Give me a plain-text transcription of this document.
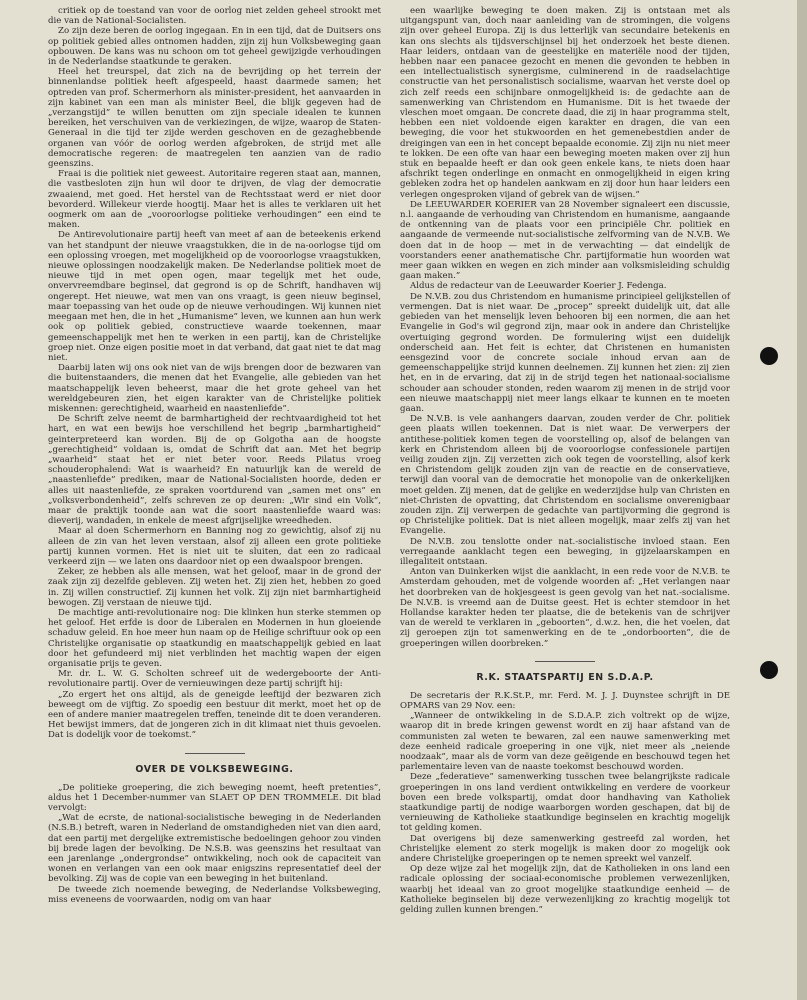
critiek op de toestand van voor de oorlog niet zelden geheel strookt met die van de National-Socialisten.

Zo zijn deze beren de oorlog ingegaan. En in een tijd, dat de Duitsers ons op politiek gebied alles ontnomen hadden, zijn zij hun Volksbeweging gaan opbouwen. De kans was nu schoon om tot geheel gewijzigde verhoudingen in de Nederlandse staatkunde te geraken.

Heel het treurspel, dat zich na de bevrijding op het terrein der binnenlandse politiek heeft afgespeeld, haast daarmede samen; het optreden van prof. Schermerhorn als minister-president, het aanvaarden in zijn kabinet van een man als minister Beel, die blijk gegeven had de „verzangstijd” te willen benutten om zijn speciale idealen te kunnen bereiken, het verschuiven van de verkiezingen, de wijze, waarop de Staten-Generaal in die tijd ter zijde werden geschoven en de gezaghebbende organen van vóór de oorlog werden afgebroken, de strijd met alle democratische regeren: de maatregelen ten aanzien van de radio geenszins.

Fraai is die politiek niet geweest. Autoritaire regeren staat aan, mannen, die vastbesloten zijn hun wil door te drijven, de vlag der democratie zwaaiend, met goed. Het herstel van de Rechtsstaat werd er niet door bevorderd. Willekeur vierde hoogtij. Maar het is alles te verklaren uit het oogmerk om aan de „vooroorlogse politieke verhoudingen” een eind te maken.

De Antirevolutionaire partij heeft van meet af aan de beteekenis erkend van het standpunt der nieuwe vraagstukken, die in de na-oorlogse tijd om een oplossing vroegen, met mogelijkheid op de vooroorlogse vraagstukken, nieuwe oplossingen noodzakelijk maken. De Nederlandse politiek moet de nieuwe tijd in met open ogen, maar tegelijk met het oude, onvervreemdbare beginsel, dat gegrond is op de Schrift, handhaven wij ongerept. Het nieuwe, wat men van ons vraagt, is geen nieuw beginsel, maar toepassing van het oude op de nieuwe verhoudingen. Wij kunnen niet meegaan met hen, die in het „Humanisme” leven, we kunnen aan hun werk ook op politiek gebied, constructieve waarde toekennen, maar gemeenschappelijk met hen te werken in een partij, kan de Christelijke groep niet. Onze eigen positie moet in dat verband, dat gaat niet te dat mag niet.

Daarbij laten wij ons ook niet van de wijs brengen door de bezwaren van die buitenstaanders, die menen dat het Evangelie, alle gebieden van het maatschappelijk leven beheerst, maar die het grote geheel van het wereldgebeuren zien, het eigen karakter van de Christelijke politiek miskennen: gerechtigheid, waarheid en naastenliefde”.

De Schrift zelve neemt de barmhartigheid der rechtvaardigheid tot het hart, en wat een bewijs hoe verschillend het begrip „barmhartigheid” geinterpreteerd kan worden. Bij de op Golgotha aan de hoogste „gerechtigheid” voldaan is, omdat de Schrift dat aan. Met het begrip „waarheid” staat het er niet beter voor. Reeds Pilatus vroeg schouderophalend: Wat is waarheid? En natuurlijk kan de wereld de „naastenliefde” prediken, maar de National-Socialisten hoorde, deden er alles uit naastenliefde, ze spraken voortdurend van „samen met ons” en „volksverbondenheid”, zelfs schreven ze op deuren: „Wir sind ein Volk”, maar de praktijk toonde aan wat die soort naastenliefde waard was: dieverij, wandaden, in enkele de meest afgrijselijke wreedheden.

Maar al doen Schermerhorn en Banning nog zo gewichtig, alsof zij nu alleen de zin van het leven verstaan, alsof zij alleen een grote politieke partij kunnen vormen. Het is niet uit te sluiten, dat een zo radicaal verkeerd zijn — we laten ons daardoor niet op een dwaalspoor brengen.

Zeker, ze hebben als alle mensen, wat het geloof, maar in de grond der zaak zijn zij dezelfde gebleven. Zij weten het. Zij zien het, hebben zo goed in. Zij willen constructief. Zij kunnen het volk. Zij zijn niet barmhartigheid bewogen. Zij verstaan de nieuwe tijd.

De machtige anti-revolutionaire nog: Die klinken hun sterke stemmen op het geloof. Het erfde is door de Liberalen en Modernen in hun gloeiende schaduw geleid. En hoe meer hun naam op de Heilige schriftuur ook op een Christelijke organisatie op staatkundig en maatschappelijk gebied en laat door het gefundeerd mij niet verblinden het machtig wapen der eigen organisatie prijs te geven.

Mr. dr. L. W. G. Scholten schreef uit de wedergeboorte der Anti-revolutionaire partij. Over de vernieuwingen deze partij schrijft hij:

„Zo ergert het ons altijd, als de geneigde leeftijd der bezwaren zich beweegt om de vijftig. Zo spoedig een bestuur dit merkt, moet het op de een of andere manier maatregelen treffen, teneinde dit te doen veranderen. Het bewijst immers, dat de jongeren zich in dit klimaat niet thuis gevoelen. Dat is dodelijk voor de toekomst.”

OVER DE VOLKSBEWEGING.

„De politieke groepering, die zich beweging noemt, heeft pretenties”, aldus het 1 December-nummer van SLAET OP DEN TROMMELE. Dit blad vervolgt:

„Wat de ecrste, de national-socialistische beweging in de Nederlanden (N.S.B.) betreft, waren in Nederland de omstandigheden niet van dien aard, dat een partij met dergelijke extremistische bedoelingen gehoor zou vinden bij brede lagen der bevolking. De N.S.B. was geenszins het resultaat van een jarenlange „ondergrondse” ontwikkeling, noch ook de capaciteit van wonen en verlangen van een ook maar enigszins representatief deel der bevolking. Zij was de copie van een beweging in het buitenland.

De tweede zich noemende beweging, de Nederlandse Volksbeweging, miss eveneens de voorwaarden, nodig om van haar

een waarlijke beweging te doen maken. Zij is ontstaan met als uitgangspunt van, doch naar aanleiding van de stromingen, die volgens zijn over geheel Europa. Zij is dus letterlijk van secundaire betekenis en kan ons slechts als tijdsverschijnsel bij het onderzoek het beste dienen. Haar leiders, ontdaan van de geestelijke en materiële nood der tijden, hebben naar een panacee gezocht en menen die gevonden te hebben in een intellectualistisch synergisme, culminerend in de raadselachtige constructie van het personalistisch socialisme, waarvan het verste doel op zich zelf reeds een schijnbare onmogelijkheid is: de gedachte aan de samenwerking van Christendom en Humanisme. Dit is het twaede der vleschen moet omgaan. De concrete daad, die zij in haar programma stelt, hebben een niet voldoende eigen karakter en dragen, die van een beweging, die voor het stukwoorden en het gemenebestdien ander de dreigingen van een in het concept bepaalde economie. Zij zijn nu niet meer te lokken. De een ofte van haar een beweging moeten maken over zij hun stuk en bepaalde heeft er dan ook geen enkele kans, te niets doen haar afschrikt tegen onderlinge en onmacht en onmogelijkheid in eigen kring gebleken zodra het op handelen aankwam en zij door hun haar leiders een verlegen ongesproken vijand of gebrek van de wijsen.”

De LEEUWARDER KOERIER van 28 November signaleert een discussie, n.l. aangaande de verhouding van Christendom en humanisme, aangaande de ontkenning van de plaats voor een principiële Chr. politiek en aangaande de vermeende nut-socialistische zelfvorming van de N.V.B. We doen dat in de hoop — met in de verwachting — dat eindelijk de voorstanders eener anathematische Chr. partijformatie hun woorden wat meer gaan wikken en wegen en zich minder aan volksmisleiding schuldig gaan maken.”

Aldus de redacteur van de Leeuwarder Koerier J. Fedenga.

De N.V.B. zou dus Christendom en humanisme principieel gelijkstellen of vermengen. Dat is niet waar. De „procep” spreekt duidelijk uit, dat alle gebieden van het menselijk leven behooren bij een normen, die aan het Evangelie in God's wil gegrond zijn, maar ook in andere dan Christelijke overtuiging gegrond worden. De formulering wijst een duidelijk onderscheid aan. Het feit is echter, dat Christenen en humanisten eensgezind voor de concrete sociale inhoud ervan aan de gemeenschappelijke strijd kunnen deelnemen. Zij kunnen het zien: zij zien het, en in de ervaring, dat zij in de strijd tegen het nationaal-socialisme schouder aan schouder stonden, reden waarom zij menen in de strijd voor een nieuwe maatschappij niet meer langs elkaar te kunnen en te moeten gaan.

De N.V.B. is vele aanhangers daarvan, zouden verder de Chr. politiek geen plaats willen toekennen. Dat is niet waar. De verwerpers der antithese-politiek komen tegen de voorstelling op, alsof de belangen van kerk en Christendom alleen bij de vooroorlogse confessionele partijen veilig zouden zijn. Zij verzetten zich ook tegen de voorstelling, alsof kerk en Christendom gelijk zouden zijn van de reactie en de conservatieve, terwijl dan vooral van de democratie het monopolie van de onkerkelijken moet gelden. Zij menen, dat de gelijke en wederzijdse hulp van Christen en niet-Christen de opvatting, dat Christendom en socialisme onverenigbaar zouden zijn. Zij verwerpen de gedachte van partijvorming die gegrond is op Christelijke politiek. Dat is niet alleen mogelijk, maar zelfs zij van het Evangelie.

De N.V.B. zou tenslotte onder nat.-socialistische invloed staan. Een verregaande aanklacht tegen een beweging, in gijzelaarskampen en illegaliteit ontstaan.

Anton van Duinkerken wijst die aanklacht, in een rede voor de N.V.B. te Amsterdam gehouden, met de volgende woorden af: „Het verlangen naar het doorbreken van de hokjesgeest is geen gevolg van het nat.-socialisme. De N.V.B. is vreemd aan de Duitse geest. Het is echter stemdoor in het Hollandse karakter heden ter plaatse, die de betekenis van de schrijver van de wereld te verklaren in „geboorten”, d.w.z. hen, die het voelen, dat zij geroepen zijn tot samenwerking en de te „ondorboorten”, die de groeperingen willen doorbreken.”

R.K. STAATSPARTIJ EN S.D.A.P.

De secretaris der R.K.St.P., mr. Ferd. M. J. J. Duynstee schrijft in DE OPMARS van 29 Nov. een:

„Wanneer de ontwikkeling in de S.D.A.P. zich voltrekt op de wijze, waarop dit in brede kringen gewenst wordt en zij haar afstand van de communisten zal weten te bewaren, zal een nauwe samenwerking met deze eenheid radicale groepering in one vijk, niet meer als „neiende noodzaak”, maar als de vorm van deze geëigende en beschouwd tegen het parlementaire leven van de naaste toekomst beschouwd worden.

Deze „federatieve” samenwerking tusschen twee belangrijkste radicale groeperingen in ons land verdient ontwikkeling en verdere de voorkeur boven een brede volkspartij, omdat door handhaving van Katholiek staatkundige partij de nodige waarborgen worden geschapen, dat bij de vernieuwing de Katholieke staatkundige beginselen en krachtig mogelijk tot gelding komen.

Dat overigens bij deze samenwerking gestreefd zal worden, het Christelijke element zo sterk mogelijk is maken door zo mogelijk ook andere Christelijke groeperingen op te nemen spreekt wel vanzelf.

Op deze wijze zal het mogelijk zijn, dat de Katholieken in ons land een radicale oplossing der sociaal-economische problemen verwezenlijken, waarbij het ideaal van zo groot mogelijke staatkundige eenheid — de Katholieke beginselen bij deze verwezenlijking zo krachtig mogelijk tot gelding zullen kunnen brengen.”
